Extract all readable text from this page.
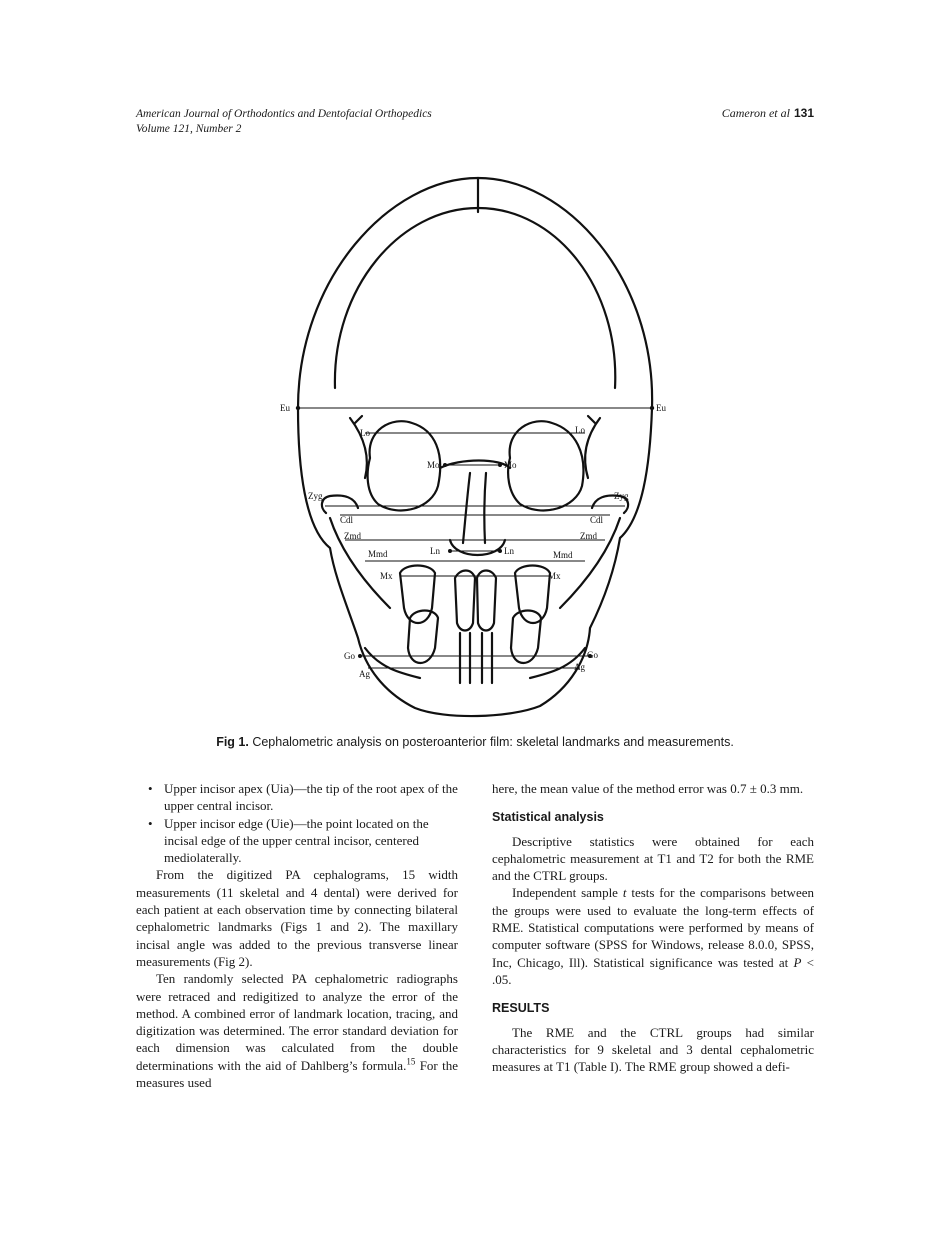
American Journal of Orthodontics and Dentofacial Orthopedics
Volume 121, Number 2
Cameron et al 131
Eu	Eu
Lo	Lo
Mo	Mo
Zyg	Zyg
Cdl	Cdl
Zmd	Zmd
Mmd	Mmd
Ln	Ln
Mx	Mx
Go	Go
Ag
Ag
Fig 1. Cephalometric analysis on posteroanterior film: skeletal landmarks and measurements.
• Upper incisor apex (Uia)—the tip of the root apex of the upper central incisor.
• Upper incisor edge (Uie)—the point located on the incisal edge of the upper central incisor, centered mediolaterally.

From the digitized PA cephalograms, 15 width measurements (11 skeletal and 4 dental) were derived for each patient at each observation time by connecting bilateral cephalometric landmarks (Figs 1 and 2). The maxillary incisal angle was added to the previous transverse linear measurements (Fig 2).

Ten randomly selected PA cephalometric radiographs were retraced and redigitized to analyze the error of the method. A combined error of landmark location, tracing, and digitization was determined. The error standard deviation for each dimension was calculated from the double determinations with the aid of Dahlberg’s formula.$^{15}$ For the measures used

here, the mean value of the method error was 0.7 ± 0.3 mm.

Statistical analysis

Descriptive statistics were obtained for each cephalometric measurement at T1 and T2 for both the RME and the CTRL groups.

Independent sample t tests for the comparisons between the groups were used to evaluate the long-term effects of RME. Statistical computations were performed by means of computer software (SPSS for Windows, release 8.0.0, SPSS, Inc, Chicago, Ill). Statistical significance was tested at P < .05.

RESULTS

The RME and the CTRL groups had similar characteristics for 9 skeletal and 3 dental cephalometric measures at T1 (Table I). The RME group showed a defi-
